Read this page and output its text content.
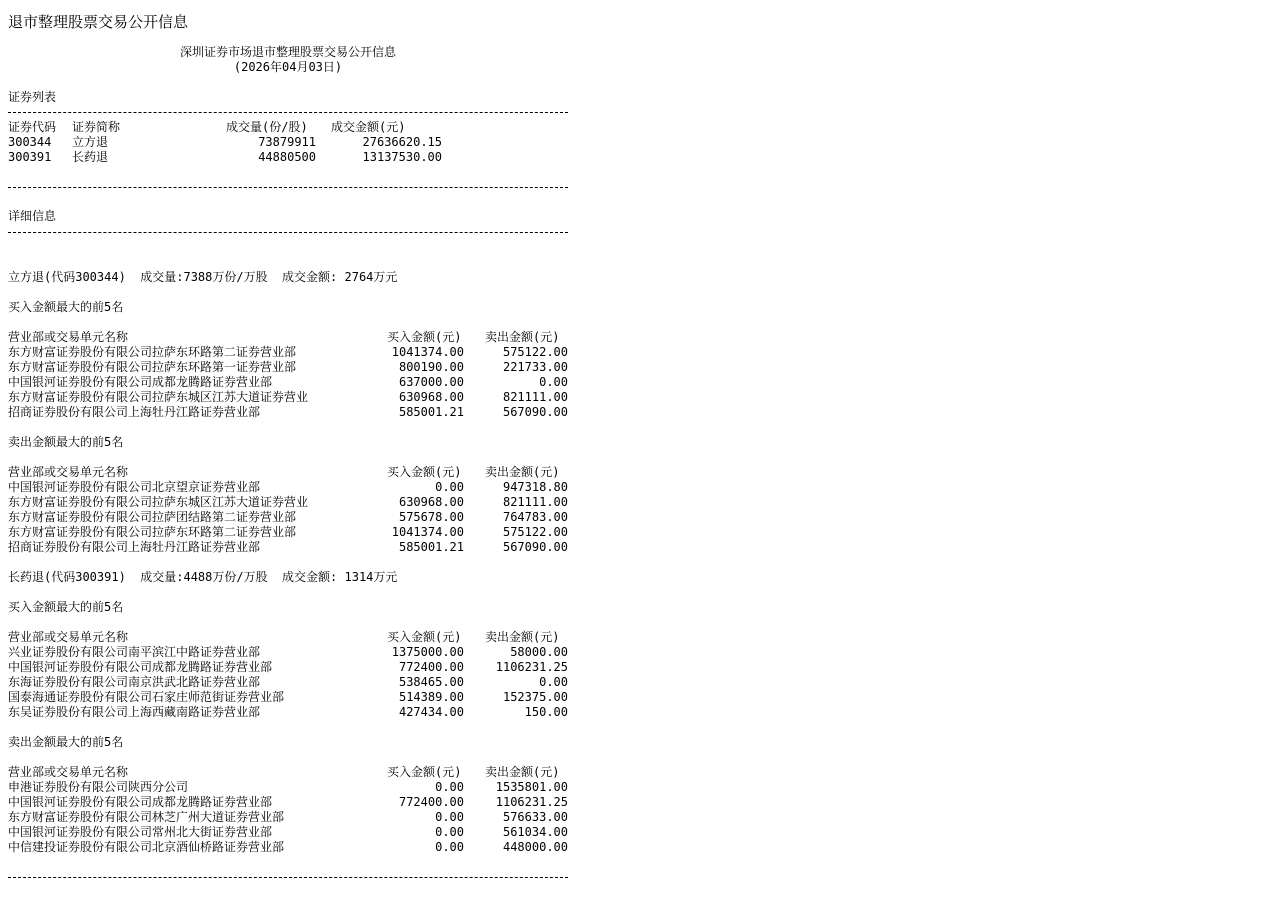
退市整理股票交易公开信息
深圳证券市场退市整理股票交易公开信息
(2026年04月03日)
证券列表
证券代码 证券简称	成交量(份/股) 成交金额(元)
300344 立方退	73879911	27636620.15
300391 长药退	44880500	13137530.00
详细信息
立方退(代码300344)  成交量:7388万份/万股  成交金额: 2764万元
买入金额最大的前5名
营业部或交易单元名称	买入金额(元) 卖出金额(元)
东方财富证券股份有限公司拉萨东环路第二证券营业部	1041374.00	575122.00
东方财富证券股份有限公司拉萨东环路第一证券营业部	800190.00	221733.00
中国银河证券股份有限公司成都龙腾路证券营业部	637000.00	0.00
东方财富证券股份有限公司拉萨东城区江苏大道证券营业	630968.00	821111.00
招商证券股份有限公司上海牡丹江路证券营业部	585001.21	567090.00
卖出金额最大的前5名
营业部或交易单元名称	买入金额(元) 卖出金额(元)
中国银河证券股份有限公司北京望京证券营业部	0.00	947318.80
东方财富证券股份有限公司拉萨东城区江苏大道证券营业	630968.00	821111.00
东方财富证券股份有限公司拉萨团结路第二证券营业部	575678.00	764783.00
东方财富证券股份有限公司拉萨东环路第二证券营业部	1041374.00	575122.00
招商证券股份有限公司上海牡丹江路证券营业部	585001.21	567090.00
长药退(代码300391)  成交量:4488万份/万股  成交金额: 1314万元
买入金额最大的前5名
营业部或交易单元名称	买入金额(元) 卖出金额(元)
兴业证券股份有限公司南平滨江中路证券营业部	1375000.00	58000.00
中国银河证券股份有限公司成都龙腾路证券营业部	772400.00	1106231.25
东海证券股份有限公司南京洪武北路证券营业部	538465.00	0.00
国泰海通证券股份有限公司石家庄师范街证券营业部	514389.00	152375.00
东吴证券股份有限公司上海西藏南路证券营业部	427434.00	150.00
卖出金额最大的前5名
营业部或交易单元名称	买入金额(元) 卖出金额(元)
申港证券股份有限公司陕西分公司	0.00	1535801.00
中国银河证券股份有限公司成都龙腾路证券营业部	772400.00	1106231.25
东方财富证券股份有限公司林芝广州大道证券营业部	0.00	576633.00
中国银河证券股份有限公司常州北大街证券营业部	0.00	561034.00
中信建投证券股份有限公司北京酒仙桥路证券营业部	0.00	448000.00
